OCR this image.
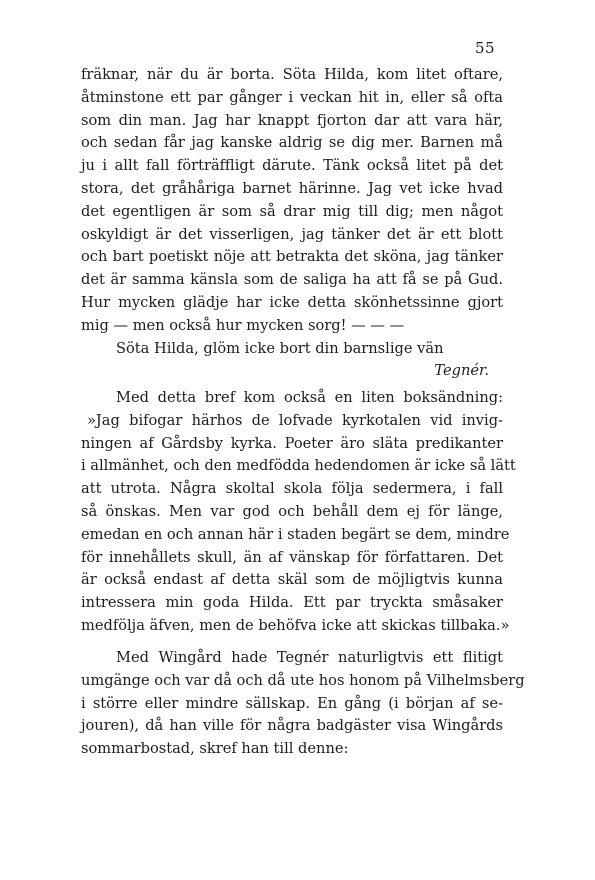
55
fräknar, när du är borta. Söta Hilda, kom litet oftare,
åtminstone ett par gånger i veckan hit in, eller så ofta
som din man. Jag har knappt fjorton dar att vara här,
och sedan får jag kanske aldrig se dig mer. Barnen må
ju i allt fall förträffligt därute. Tänk också litet på det
stora, det gråhåriga barnet härinne. Jag vet icke hvad
det egentligen är som så drar mig till dig; men något
oskyldigt är det visserligen, jag tänker det är ett blott
och bart poetiskt nöje att betrakta det sköna, jag tänker
det är samma känsla som de saliga ha att få se på Gud.
Hur mycken glädje har icke detta skönhetssinne gjort
mig — men också hur mycken sorg! — — —
Söta Hilda, glöm icke bort din barnslige vän
Tegnér.
Med detta bref kom också en liten boksändning:
»Jag bifogar härhos de lofvade kyrkotalen vid invig-
ningen af Gårdsby kyrka. Poeter äro släta predikanter
i allmänhet, och den medfödda hedendomen är icke så lätt
att utrota. Några skoltal skola följa sedermera, i fall
så önskas. Men var god och behåll dem ej för länge,
emedan en och annan här i staden begärt se dem, mindre
för innehållets skull, än af vänskap för författaren. Det
är också endast af detta skäl som de möjligtvis kunna
intressera min goda Hilda. Ett par tryckta småsaker
medfölja äfven, men de behöfva icke att skickas tillbaka.»
Med Wingård hade Tegnér naturligtvis ett flitigt
umgänge och var då och då ute hos honom på Vilhelmsberg
i större eller mindre sällskap. En gång (i början af se-
jouren), då han ville för några badgäster visa Wingårds
sommarbostad, skref han till denne:
